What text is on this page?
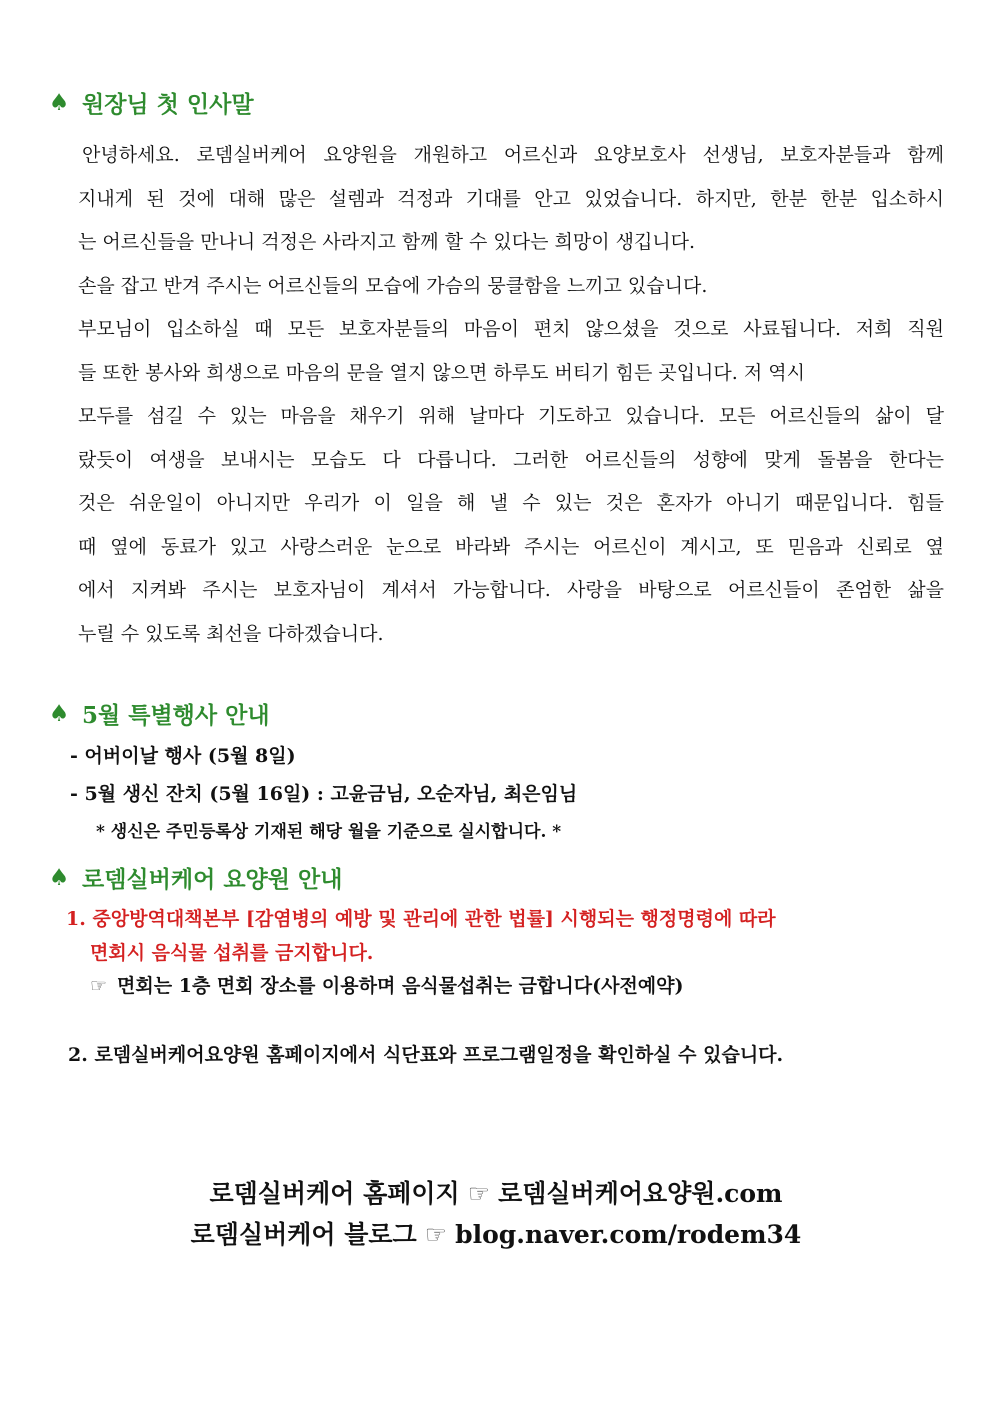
♠ 원장님 첫 인사말
안녕하세요. 로뎀실버케어 요양원을 개원하고 어르신과 요양보호사 선생님, 보호자분들과 함께
지내게 된 것에 대해 많은 설렘과 걱정과 기대를 안고 있었습니다. 하지만, 한분 한분 입소하시
는 어르신들을 만나니 걱정은 사라지고 함께 할 수 있다는 희망이 생깁니다.
손을 잡고 반겨 주시는 어르신들의 모습에 가슴의 뭉클함을 느끼고 있습니다.
부모님이 입소하실 때 모든 보호자분들의 마음이 편치 않으셨을 것으로 사료됩니다. 저희 직원
들 또한 봉사와 희생으로 마음의 문을 열지 않으면 하루도 버티기 힘든 곳입니다. 저 역시
모두를 섬길 수 있는 마음을 채우기 위해 날마다 기도하고 있습니다. 모든 어르신들의 삶이 달
랐듯이 여생을 보내시는 모습도 다 다릅니다. 그러한 어르신들의 성향에 맞게 돌봄을 한다는
것은 쉬운일이 아니지만 우리가 이 일을 해 낼 수 있는 것은 혼자가 아니기 때문입니다. 힘들
때 옆에 동료가 있고 사랑스러운 눈으로 바라봐 주시는 어르신이 계시고, 또 믿음과 신뢰로 옆
에서 지켜봐 주시는 보호자님이 계셔서 가능합니다. 사랑을 바탕으로 어르신들이 존엄한 삶을
누릴 수 있도록 최선을 다하겠습니다.
♠ 5월 특별행사 안내
- 어버이날 행사 (5월 8일)
- 5월 생신 잔치 (5월 16일) : 고윤금님, 오순자님, 최은임님
* 생신은 주민등록상 기재된 해당 월을 기준으로 실시합니다. *
♠ 로뎀실버케어 요양원 안내
1. 중앙방역대책본부 [감염병의 예방 및 관리에 관한 법률] 시행되는 행정명령에 따라
면회시 음식물 섭취를 금지합니다.
☞ 면회는 1층 면회 장소를 이용하며 음식물섭취는 금합니다(사전예약)
2. 로뎀실버케어요양원 홈페이지에서 식단표와 프로그램일정을 확인하실 수 있습니다.
로뎀실버케어 홈페이지 ☞ 로뎀실버케어요양원.com
로뎀실버케어 블로그 ☞ blog.naver.com/rodem34
